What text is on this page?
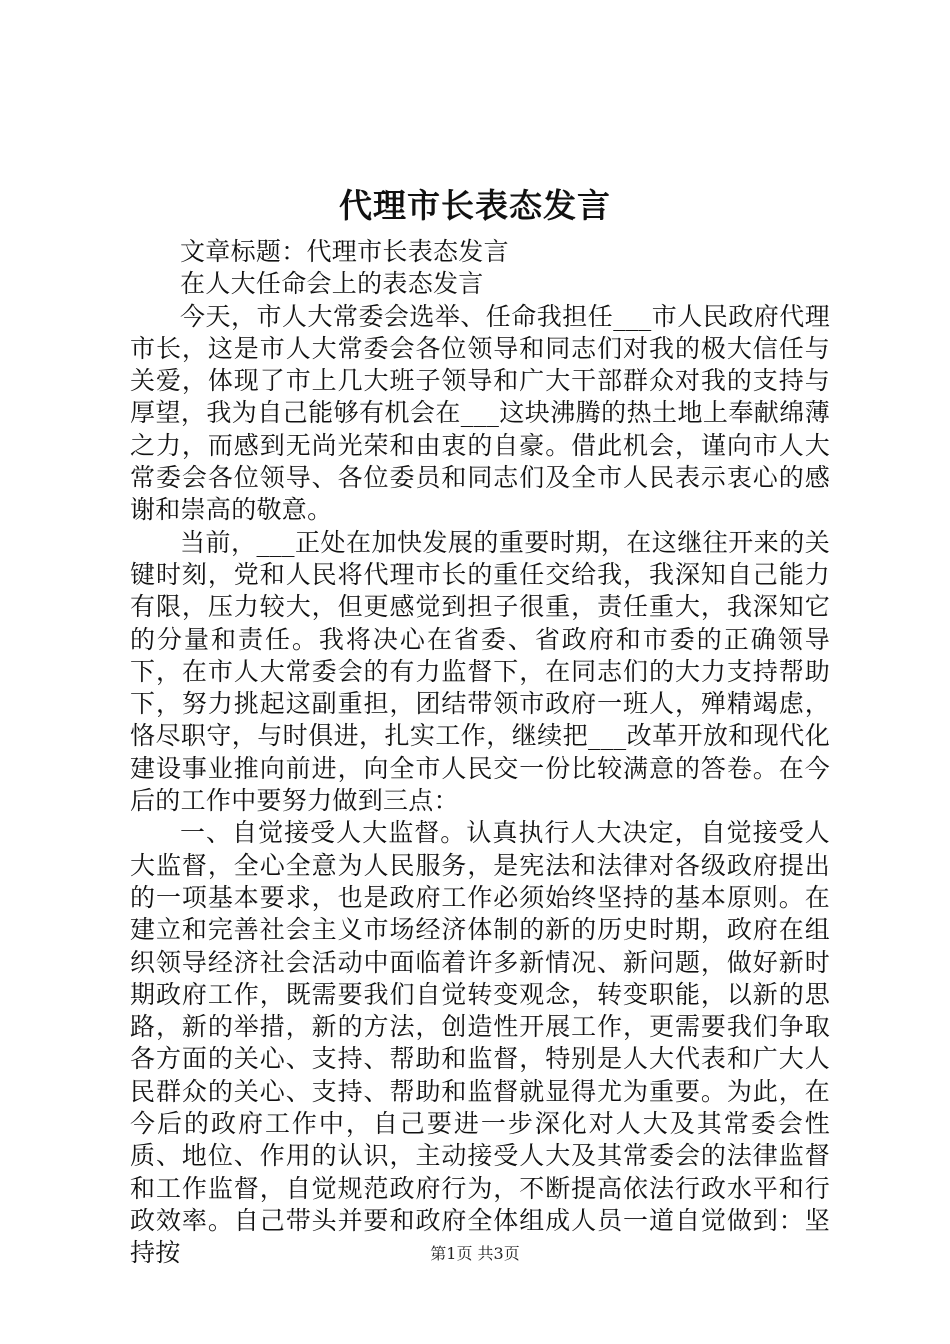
代理市长表态发言

文章标题：代理市长表态发言

在人大任命会上的表态发言

今天，市人大常委会选举、任命我担任___市人民政府代理市长，这是市人大常委会各位领导和同志们对我的极大信任与关爱，体现了市上几大班子领导和广大干部群众对我的支持与厚望，我为自己能够有机会在___这块沸腾的热土地上奉献绵薄之力，而感到无尚光荣和由衷的自豪。借此机会，谨向市人大常委会各位领导、各位委员和同志们及全市人民表示衷心的感谢和崇高的敬意。

当前，___正处在加快发展的重要时期，在这继往开来的关键时刻，党和人民将代理市长的重任交给我，我深知自己能力有限，压力较大，但更感觉到担子很重，责任重大，我深知它的分量和责任。我将决心在省委、省政府和市委的正确领导下，在市人大常委会的有力监督下，在同志们的大力支持帮助下，努力挑起这副重担，团结带领市政府一班人，殚精竭虑，恪尽职守，与时俱进，扎实工作，继续把___改革开放和现代化建设事业推向前进，向全市人民交一份比较满意的答卷。在今后的工作中要努力做到三点：

一、自觉接受人大监督。认真执行人大决定，自觉接受人大监督，全心全意为人民服务，是宪法和法律对各级政府提出的一项基本要求，也是政府工作必须始终坚持的基本原则。在建立和完善社会主义市场经济体制的新的历史时期，政府在组织领导经济社会活动中面临着许多新情况、新问题，做好新时期政府工作，既需要我们自觉转变观念，转变职能，以新的思路，新的举措，新的方法，创造性开展工作，更需要我们争取各方面的关心、支持、帮助和监督，特别是人大代表和广大人民群众的关心、支持、帮助和监督就显得尤为重要。为此，在今后的政府工作中，自己要进一步深化对人大及其常委会性质、地位、作用的认识，主动接受人大及其常委会的法律监督和工作监督，自觉规范政府行为，不断提高依法行政水平和行政效率。自己带头并要和政府全体组成人员一道自觉做到：坚持按	第1页 共3页
